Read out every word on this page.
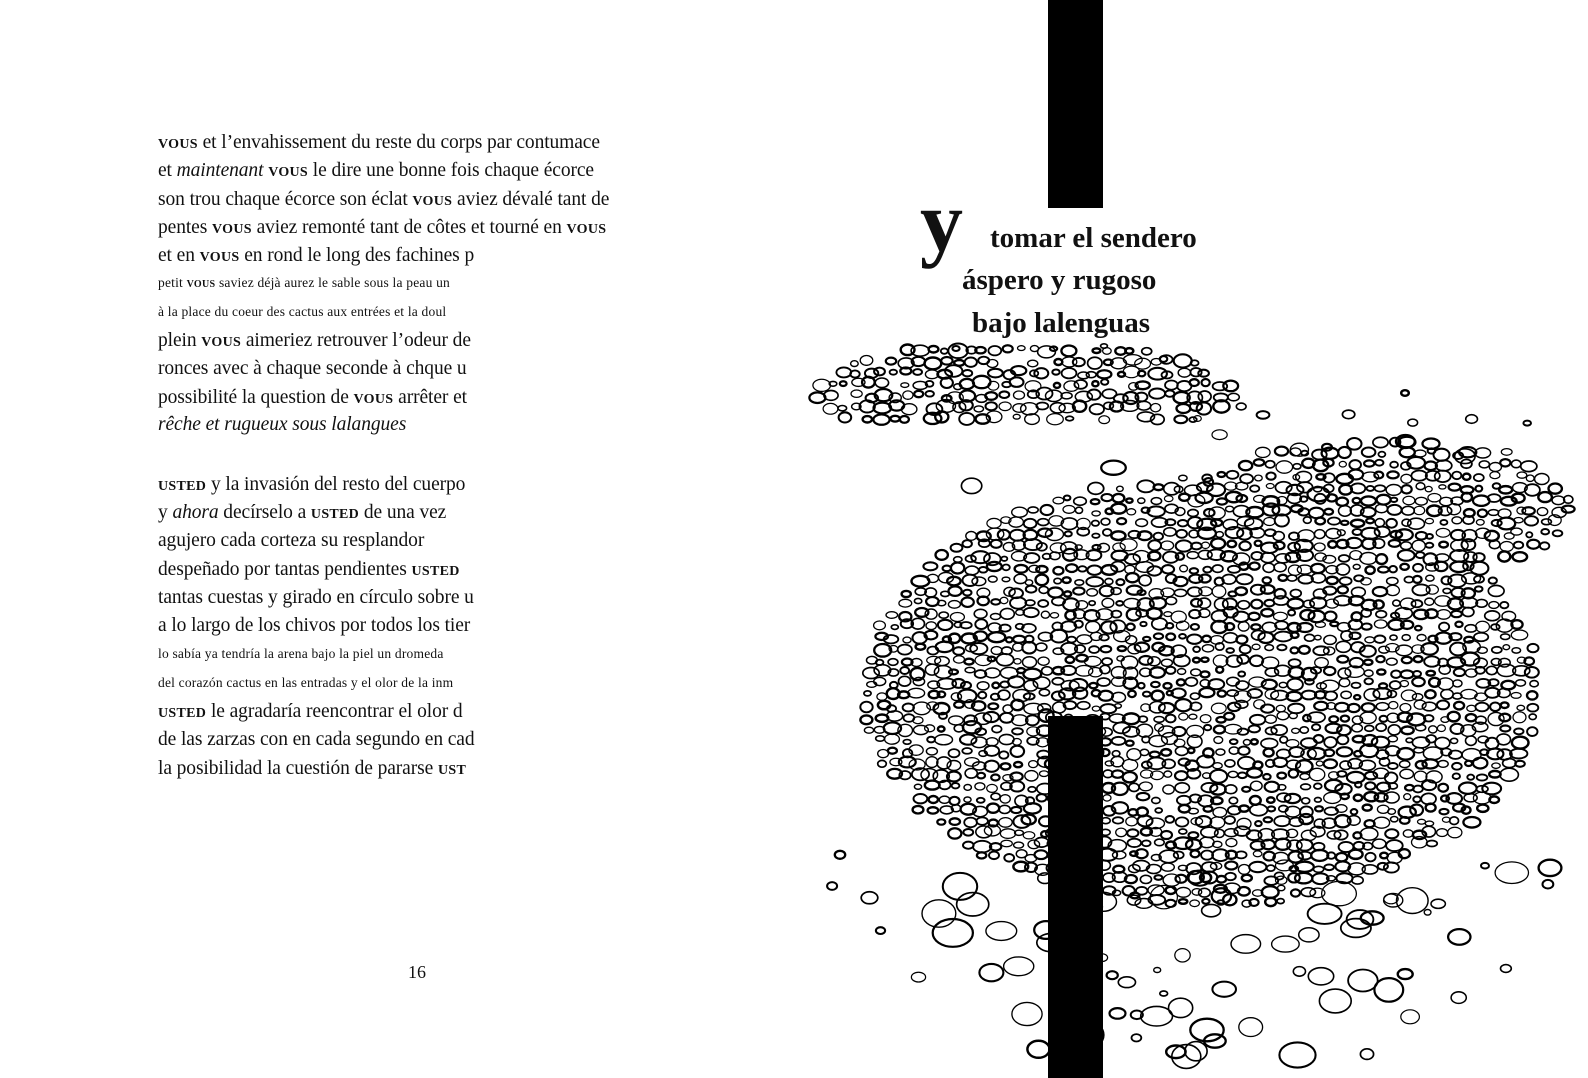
vous et l’envahissement du reste du corps par contumace
et maintenant vous le dire une bonne fois chaque écorce
son trou chaque écorce son éclat vous aviez dévalé tant de
pentes vous aviez remonté tant de côtes et tourné en vous
et en vous en rond le long des fachines p
petit vous saviez déjà aurez le sable sous la peau un
à la place du coeur des cactus aux entrées et la doul
plein vous aimeriez retrouver l’odeur de
ronces avec à chaque seconde à chque u
possibilité la question de vous arrêter et
rêche et rugueux sous lalangues
usted y la invasión del resto del cuerpo
y ahora decírselo a usted de una vez
agujero cada corteza su resplandor
despeñado por tantas pendientes usted
tantas cuestas y girado en círculo sobre u
a lo largo de los chivos por todos los tier
lo sabía ya tendría la arena bajo la piel un dromeda
del corazón cactus en las entradas y el olor de la inm
usted le agradaría reencontrar el olor d
de las zarzas con en cada segundo en cad
la posibilidad la cuestión de pararse ust
16
y tomar el sendero
áspero y rugoso
bajo lalenguas
